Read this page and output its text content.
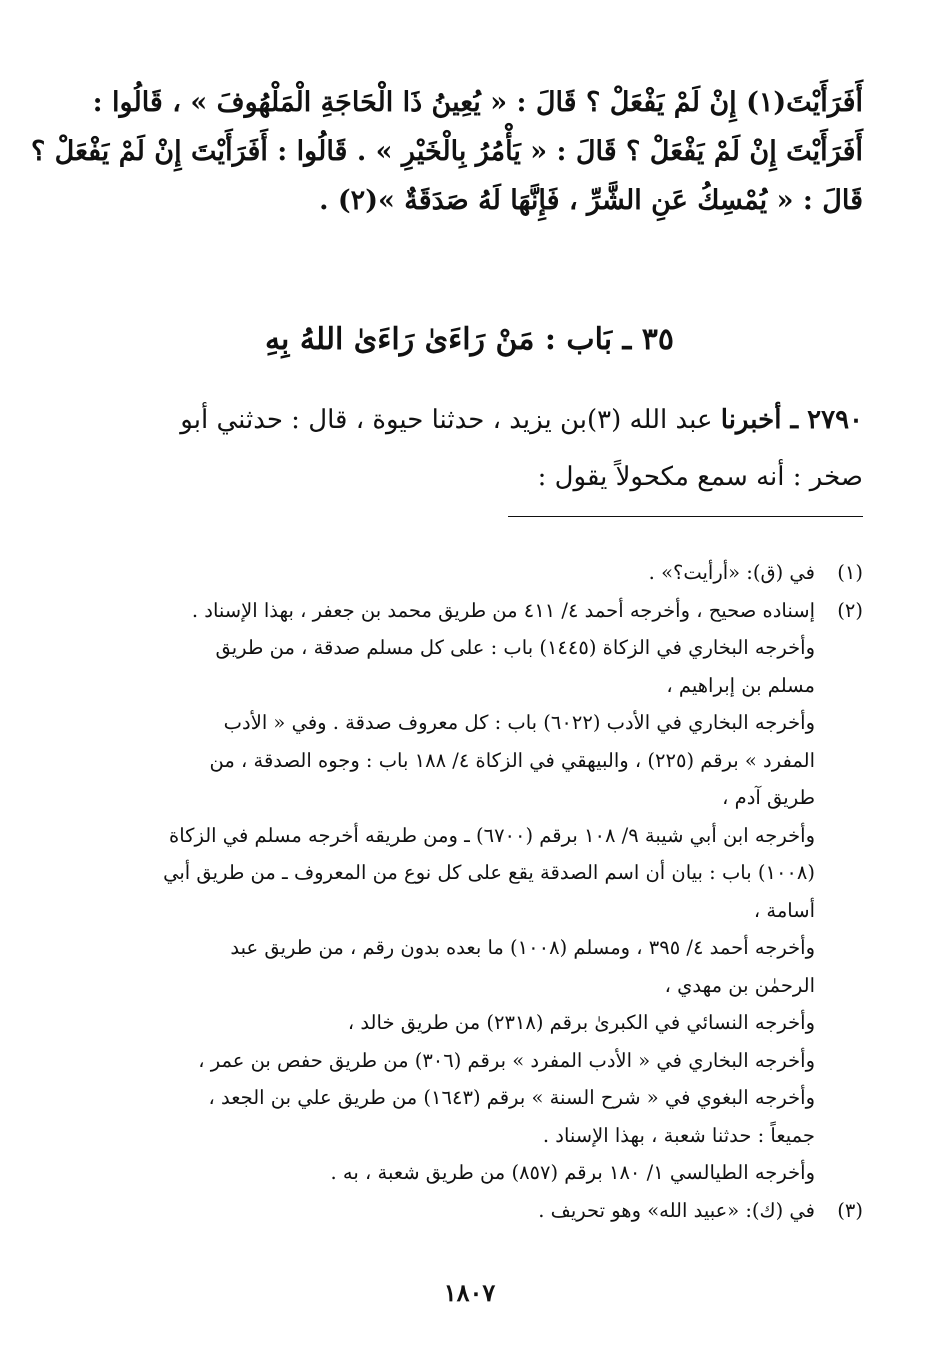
أَفَرَأَيْتَ(١) إِنْ لَمْ يَفْعَلْ ؟ قَالَ : « يُعِينُ ذَا الْحَاجَةِ الْمَلْهُوفَ » ، قَالُوا :
أَفَرَأَيْتَ إِنْ لَمْ يَفْعَلْ ؟ قَالَ : « يَأْمُرُ بِالْخَيْرِ » . قَالُوا : أَفَرَأَيْتَ إِنْ لَمْ يَفْعَلْ ؟
قَالَ : « يُمْسِكُ عَنِ الشَّرِّ ، فَإِنَّهَا لَهُ صَدَقَةٌ »(٢) .
٣٥ ـ بَاب : مَنْ رَاءَىٰ رَاءَىٰ اللهُ بِهِ
٢٧٩٠ ـ أخبرنا عبد الله (٣)بن يزيد ، حدثنا حيوة ، قال : حدثني أبو
صخر : أنه سمع مكحولاً يقول :
(١)
في (ق): «أرأيت؟» .
(٢)
إسناده صحيح ، وأخرجه أحمد ٤/ ٤١١ من طريق محمد بن جعفر ، بهذا الإسناد .
وأخرجه البخاري في الزكاة (١٤٤٥) باب : على كل مسلم صدقة ، من طريق
مسلم بن إبراهيم ،
وأخرجه البخاري في الأدب (٦٠٢٢) باب : كل معروف صدقة . وفي « الأدب
المفرد » برقم (٢٢٥) ، والبيهقي في الزكاة ٤/ ١٨٨ باب : وجوه الصدقة ، من
طريق آدم ،
وأخرجه ابن أبي شيبة ٩/ ١٠٨ برقم (٦٧٠٠) ـ ومن طريقه أخرجه مسلم في الزكاة
(١٠٠٨) باب : بيان أن اسم الصدقة يقع على كل نوع من المعروف ـ من طريق أبي
أسامة ،
وأخرجه أحمد ٤/ ٣٩٥ ، ومسلم (١٠٠٨) ما بعده بدون رقم ، من طريق عبد
الرحمٰن بن مهدي ،
وأخرجه النسائي في الكبرىٰ برقم (٢٣١٨) من طريق خالد ،
وأخرجه البخاري في « الأدب المفرد » برقم (٣٠٦) من طريق حفص بن عمر ،
وأخرجه البغوي في « شرح السنة » برقم (١٦٤٣) من طريق علي بن الجعد ،
جميعاً : حدثنا شعبة ، بهذا الإسناد .
وأخرجه الطيالسي ١/ ١٨٠ برقم (٨٥٧) من طريق شعبة ، به .
(٣)
في (ك): «عبيد الله» وهو تحريف .
١٨٠٧
